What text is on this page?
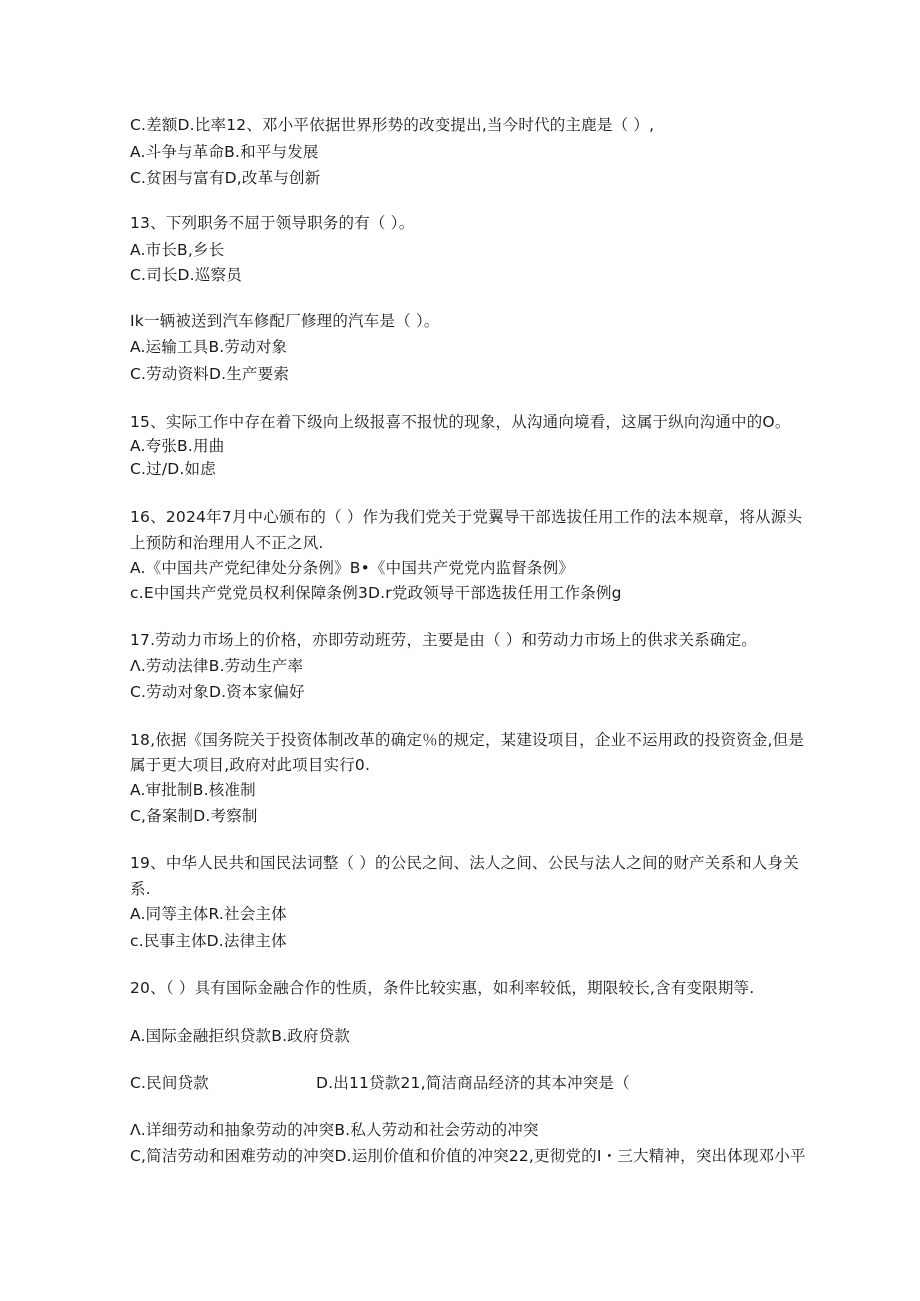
C.差额D.比率12、邓小平依据世界形势的改变提出,当今时代的主鹿是（ ）,

A.斗争与革命B.和平与发展

C.贫困与富有D,改革与创新

13、下列职务不屈于领导职务的有（ ）。

A.市长B,乡长

C.司长D.巡察员

Ik一辆被送到汽车修配厂修理的汽车是（ ）。

A.运输工具B.劳动对象

C.劳动资料D.生产要索

15、实际工作中存在着下级向上级报喜不报忧的现象，从沟通向境看，这属于纵向沟通中的O。

A.夸张B.用曲

C.过/D.如虑

16、2024年7月中心颁布的（ ）作为我们党关于党翼导干部选拔任用工作的法本规章，将从源头

上预防和治理用人不正之风.

A.《中国共产党纪律处分条例》B•《中国共产党党内监督条例》

c.E中国共产党党员权利保障条例3D.r党政领导干部选拔任用工作条例g

17.劳动力市场上的价格，亦即劳动班劳，主要是由（ ）和劳动力市场上的供求关系确定。

Λ.劳动法律B.劳动生产率

C.劳动对象D.资本家偏好

18,依据《国务院关于投资体制改革的确定％的规定，某建设项目，企业不运用政的投资资金,但是

属于更大项目,政府对此项目实行0.

A.审批制B.核准制

C,备案制D.考察制

19、中华人民共和国民法词整（ ）的公民之间、法人之间、公民与法人之间的财产关系和人身关

系.

A.同等主体R.社会主体

c.民事主体D.法律主体

20、（ ）具有国际金融合作的性质，条件比较实惠，如利率较低，期限较长,含有变限期等.

A.国际金融拒织贷款B.政府贷款

C.民间贷款	D.出11贷款21,简洁商品经济的其本冲突是（

Λ.详细劳动和抽象劳动的冲突B.私人劳动和社会劳动的冲突

C,简洁劳动和困难劳动的冲突D.运刖价值和价值的冲突22,更彻党的I・三大精神，突出体现邓小平
